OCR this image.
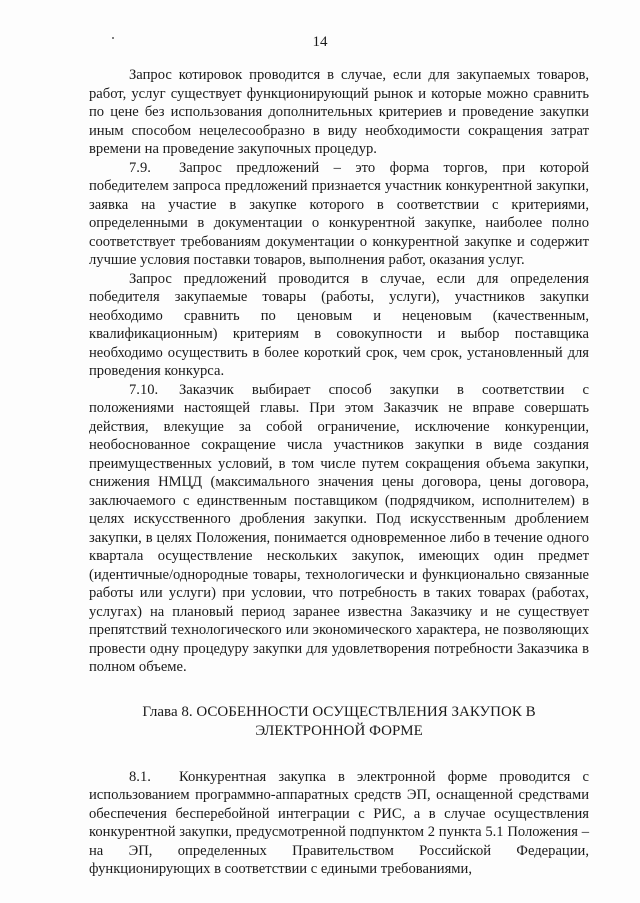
14

Запрос котировок проводится в случае, если для закупаемых товаров, работ, услуг существует функционирующий рынок и которые можно сравнить по цене без использования дополнительных критериев и проведение закупки иным способом нецелесообразно в виду необходимости сокращения затрат времени на проведение закупочных процедур.

7.9. Запрос предложений – это форма торгов, при которой победителем запроса предложений признается участник конкурентной закупки, заявка на участие в закупке которого в соответствии с критериями, определенными в документации о конкурентной закупке, наиболее полно соответствует требованиям документации о конкурентной закупке и содержит лучшие условия поставки товаров, выполнения работ, оказания услуг.

Запрос предложений проводится в случае, если для определения победителя закупаемые товары (работы, услуги), участников закупки необходимо сравнить по ценовым и неценовым (качественным, квалификационным) критериям в совокупности и выбор поставщика необходимо осуществить в более короткий срок, чем срок, установленный для проведения конкурса.

7.10. Заказчик выбирает способ закупки в соответствии с положениями настоящей главы. При этом Заказчик не вправе совершать действия, влекущие за собой ограничение, исключение конкуренции, необоснованное сокращение числа участников закупки в виде создания преимущественных условий, в том числе путем сокращения объема закупки, снижения НМЦД (максимального значения цены договора, цены договора, заключаемого с единственным поставщиком (подрядчиком, исполнителем) в целях искусственного дробления закупки. Под искусственным дроблением закупки, в целях Положения, понимается одновременное либо в течение одного квартала осуществление нескольких закупок, имеющих один предмет (идентичные/однородные товары, технологически и функционально связанные работы или услуги) при условии, что потребность в таких товарах (работах, услугах) на плановый период заранее известна Заказчику и не существует препятствий технологического или экономического характера, не позволяющих провести одну процедуру закупки для удовлетворения потребности Заказчика в полном объеме.

Глава 8. ОСОБЕННОСТИ ОСУЩЕСТВЛЕНИЯ ЗАКУПОК В
ЭЛЕКТРОННОЙ ФОРМЕ

8.1. Конкурентная закупка в электронной форме проводится с использованием программно-аппаратных средств ЭП, оснащенной средствами обеспечения бесперебойной интеграции с РИС, а в случае осуществления конкурентной закупки, предусмотренной подпунктом 2 пункта 5.1 Положения – на ЭП, определенных Правительством Российской Федерации, функционирующих в соответствии с едиными требованиями,
